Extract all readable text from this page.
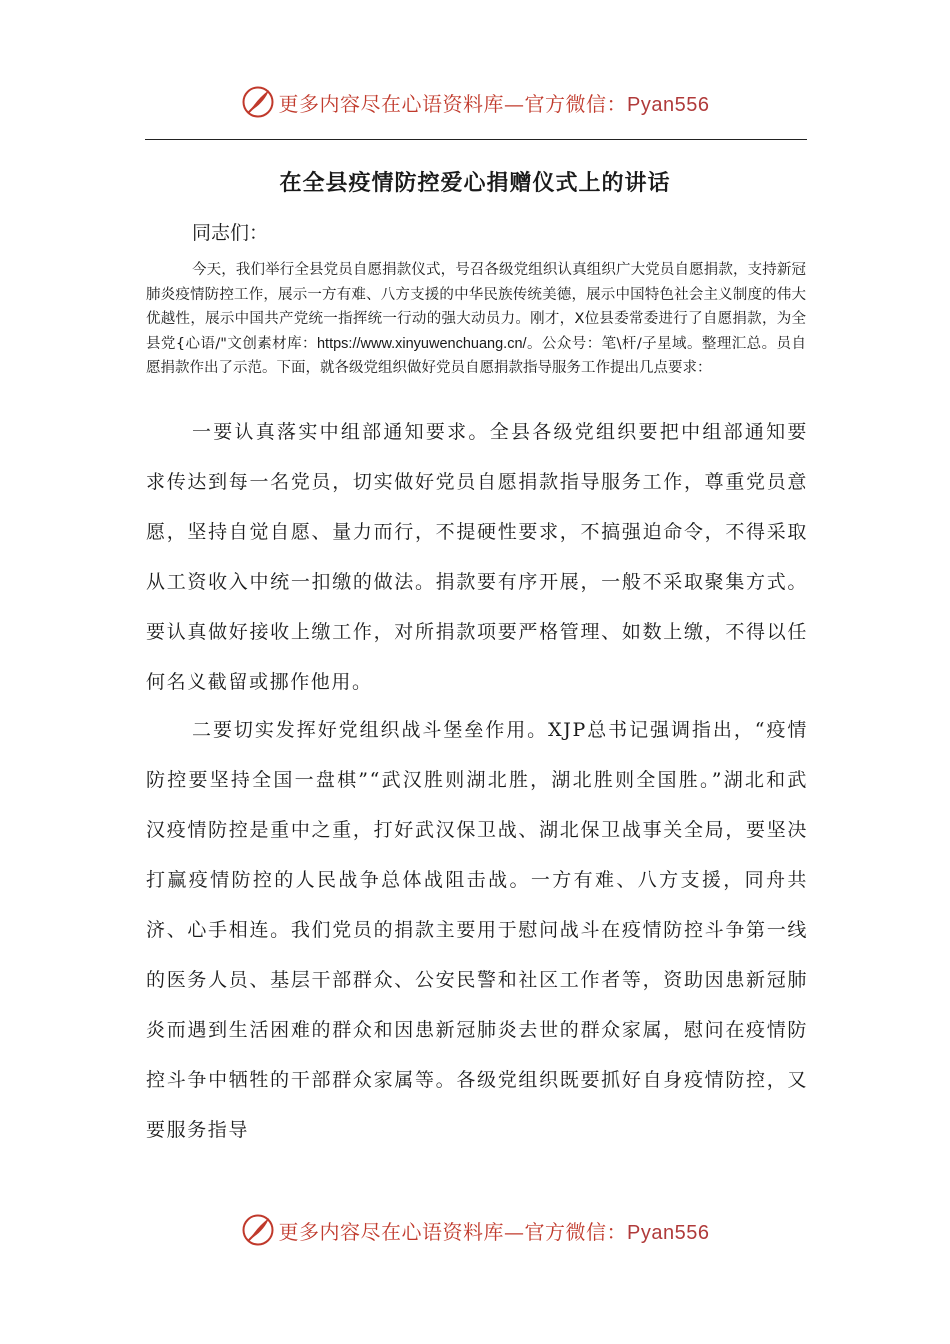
更多内容尽在心语资料库—官方微信：Pyan556
在全县疫情防控爱心捐赠仪式上的讲话
同志们：
今天，我们举行全县党员自愿捐款仪式，号召各级党组织认真组织广大党员自愿捐款，支持新冠肺炎疫情防控工作，展示一方有难、八方支援的中华民族传统美德，展示中国特色社会主义制度的伟大优越性，展示中国共产党统一指挥统一行动的强大动员力。刚才，X位县委常委进行了自愿捐款，为全县党{心语/"文创素材库：https://www.xinyuwenchuang.cn/。公众号：笔\杆/子星域。整理汇总。员自愿捐款作出了示范。下面，就各级党组织做好党员自愿捐款指导服务工作提出几点要求：
一要认真落实中组部通知要求。全县各级党组织要把中组部通知要求传达到每一名党员，切实做好党员自愿捐款指导服务工作，尊重党员意愿，坚持自觉自愿、量力而行，不提硬性要求，不搞强迫命令，不得采取从工资收入中统一扣缴的做法。捐款要有序开展，一般不采取聚集方式。要认真做好接收上缴工作，对所捐款项要严格管理、如数上缴，不得以任何名义截留或挪作他用。
二要切实发挥好党组织战斗堡垒作用。XJP总书记强调指出，“疫情防控要坚持全国一盘棋”“武汉胜则湖北胜，湖北胜则全国胜。”湖北和武汉疫情防控是重中之重，打好武汉保卫战、湖北保卫战事关全局，要坚决打赢疫情防控的人民战争总体战阻击战。一方有难、八方支援，同舟共济、心手相连。我们党员的捐款主要用于慰问战斗在疫情防控斗争第一线的医务人员、基层干部群众、公安民警和社区工作者等，资助因患新冠肺炎而遇到生活困难的群众和因患新冠肺炎去世的群众家属，慰问在疫情防控斗争中牺牲的干部群众家属等。各级党组织既要抓好自身疫情防控，又要服务指导
更多内容尽在心语资料库—官方微信：Pyan556
